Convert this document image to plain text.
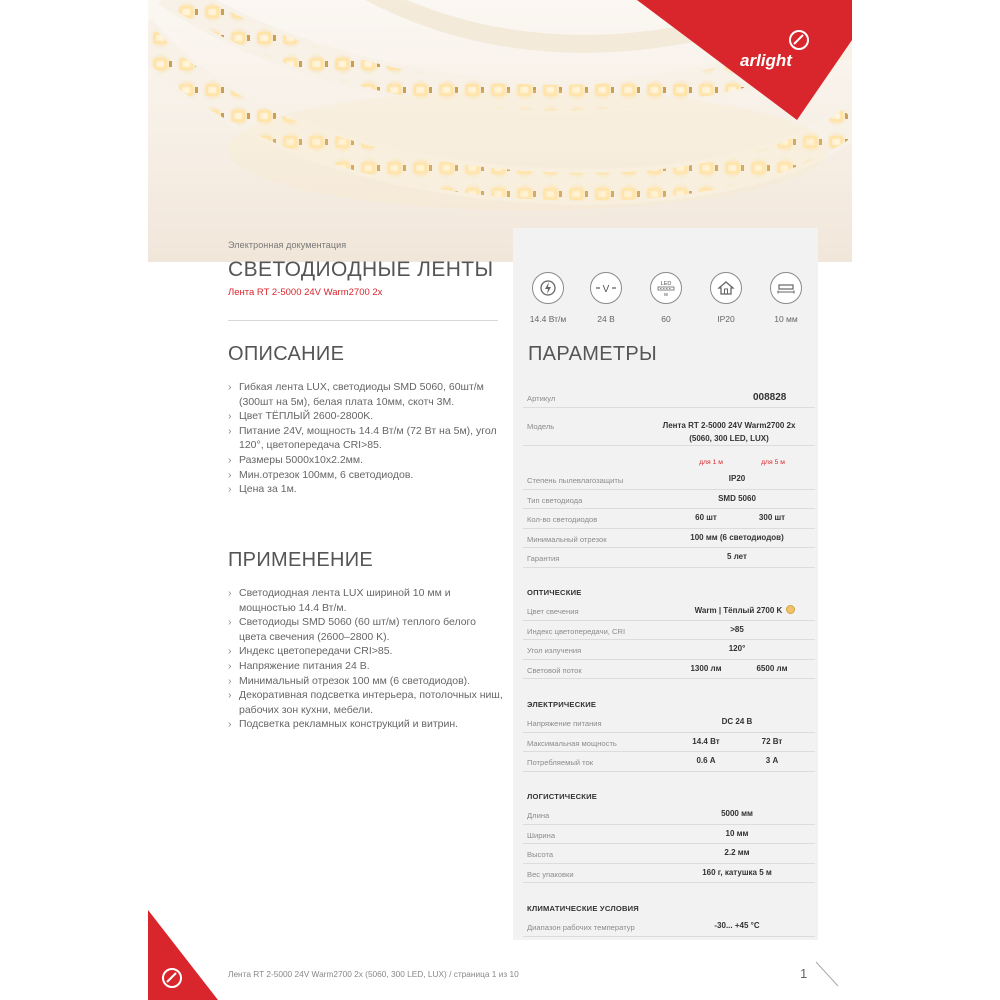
arlight
Электронная документация
СВЕТОДИОДНЫЕ ЛЕНТЫ
Лента RT 2-5000 24V Warm2700 2x
ОПИСАНИЕ
› Гибкая лента LUX, светодиоды SMD 5060, 60шт/м (300шт на 5м), белая плата 10мм, скотч 3М.
› Цвет ТЁПЛЫЙ 2600-2800K.
› Питание 24V, мощность 14.4 Вт/м (72 Вт на 5м), угол 120°, цветопередача CRI>85.
› Размеры 5000x10x2.2мм.
› Мин.отрезок 100мм, 6 светодиодов.
› Цена за 1м.
ПРИМЕНЕНИЕ
› Светодиодная лента LUX шириной 10 мм и мощностью 14.4 Вт/м.
› Светодиоды SMD 5060 (60 шт/м) теплого белого цвета свечения (2600–2800 K).
› Индекс цветопередачи CRI>85.
› Напряжение питания 24 В.
› Минимальный отрезок 100 мм (6 светодиодов).
› Декоративная подсветка интерьера, потолочных ниш, рабочих зон кухни, мебели.
› Подсветка рекламных конструкций и витрин.
14.4 Вт/м
V
24 В
LED
м
60	IP20	10 мм
ПАРАМЕТРЫ
Артикул	008828
Модель	Лента RT 2-5000 24V Warm2700 2x
(5060, 300 LED, LUX)
для 1 м	для 5 м
Степень пылевлагозащиты	IP20
Тип светодиода	SMD 5060
Кол-во светодиодов	60 шт	300 шт
Минимальный отрезок	100 мм (6 светодиодов)
Гарантия	5 лет
ОПТИЧЕСКИЕ
Цвет свечения	Warm | Тёплый 2700 K
Индекс цветопередачи, CRI	>85
Угол излучения	120°
Световой поток	1300 лм	6500 лм
ЭЛЕКТРИЧЕСКИЕ
Напряжение питания	DC 24 В
Максимальная мощность	14.4 Вт	72 Вт
Потребляемый ток	0.6 А	3 А
ЛОГИСТИЧЕСКИЕ
Длина	5000 мм
Ширина	10 мм
Высота	2.2 мм
Вес упаковки	160 г, катушка 5 м
КЛИМАТИЧЕСКИЕ УСЛОВИЯ
Диапазон рабочих температур	-30... +45 °C
Лента RT 2-5000 24V Warm2700 2x (5060, 300 LED, LUX) / страница 1 из 10	1
